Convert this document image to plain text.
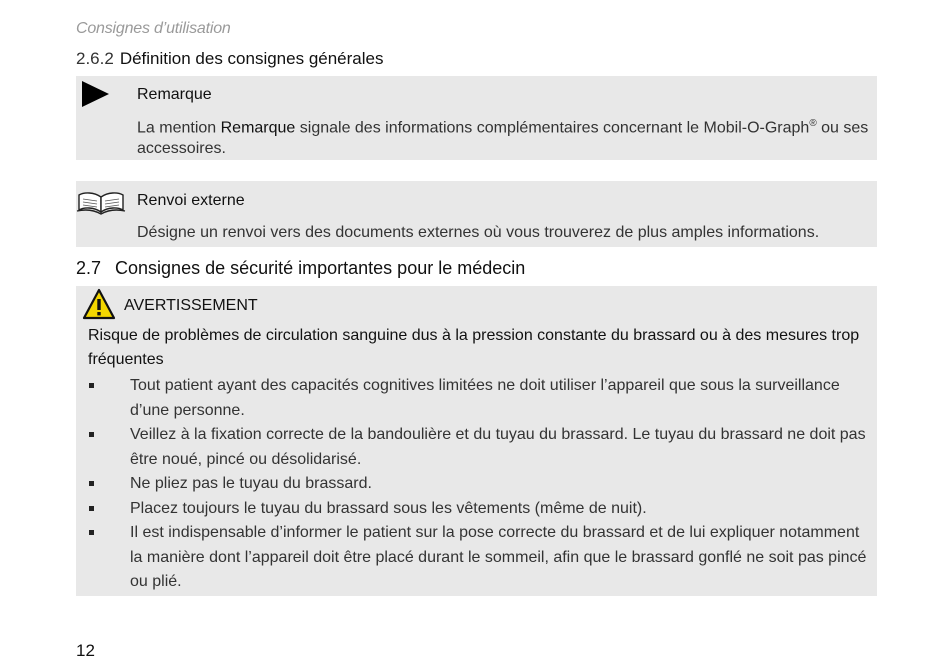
Consignes d’utilisation
2.6.2 Définition des consignes générales
Remarque
La mention Remarque signale des informations complémentaires concernant le Mobil-O-Graph® ou ses accessoires.
Renvoi externe
Désigne un renvoi vers des documents externes où vous trouverez de plus amples informations.
2.7 Consignes de sécurité importantes pour le médecin
AVERTISSEMENT
Risque de problèmes de circulation sanguine dus à la pression constante du brassard ou à des mesures trop fréquentes
Tout patient ayant des capacités cognitives limitées ne doit utiliser l’appareil que sous la surveillance d’une personne.
Veillez à la fixation correcte de la bandoulière et du tuyau du brassard. Le tuyau du brassard ne doit pas être noué, pincé ou désolidarisé.
Ne pliez pas le tuyau du brassard.
Placez toujours le tuyau du brassard sous les vêtements (même de nuit).
Il est indispensable d’informer le patient sur la pose correcte du brassard et de lui expliquer notamment la manière dont l’appareil doit être placé durant le sommeil, afin que le brassard gonflé ne soit pas pincé ou plié.
12
